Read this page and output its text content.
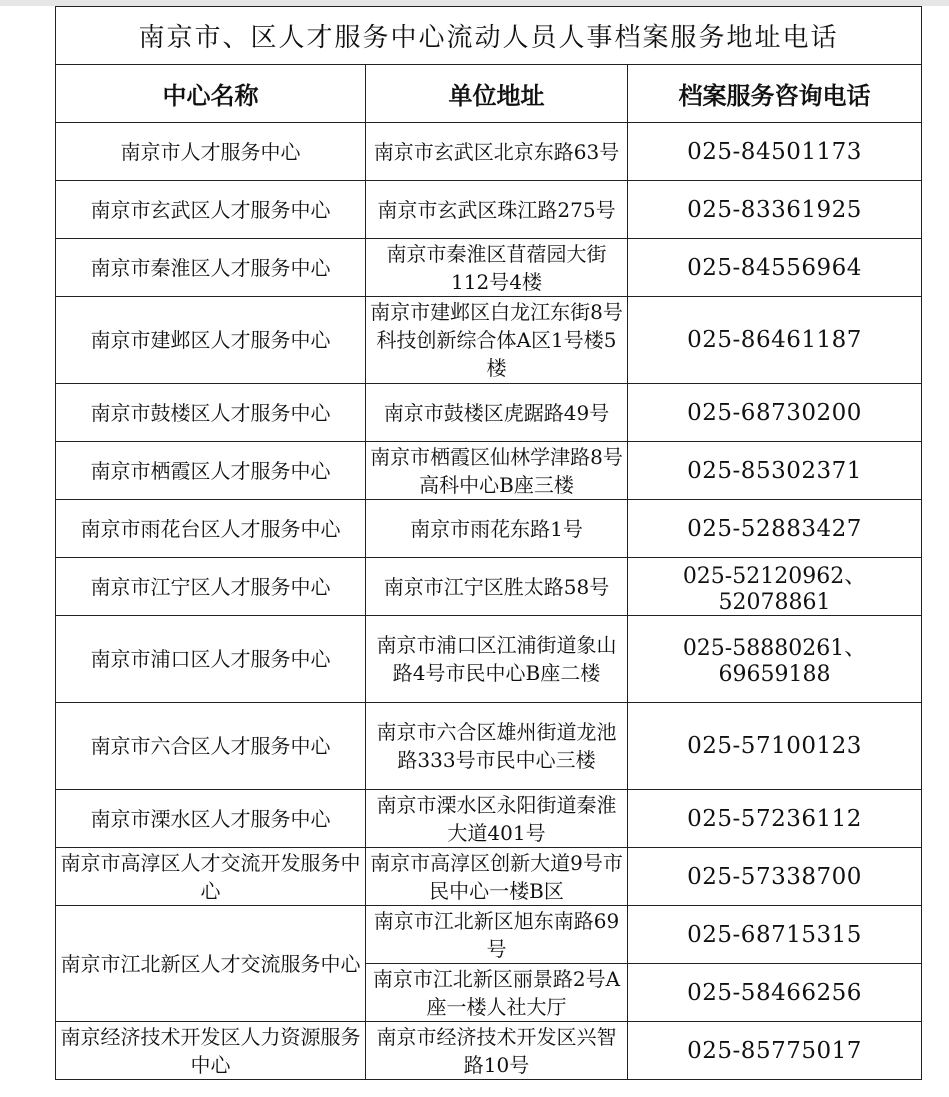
南京市、区人才服务中心流动人员人事档案服务地址电话		
中心名称	单位地址	档案服务咨询电话
南京市人才服务中心	南京市玄武区北京东路63号	025-84501173
南京市玄武区人才服务中心	南京市玄武区珠江路275号	025-83361925
南京市秦淮区人才服务中心	南京市秦淮区苜蓿园大街112号4楼	025-84556964
南京市建邺区人才服务中心	南京市建邺区白龙江东街8号科技创新综合体A区1号楼5楼	025-86461187
南京市鼓楼区人才服务中心	南京市鼓楼区虎踞路49号	025-68730200
南京市栖霞区人才服务中心	南京市栖霞区仙林学津路8号高科中心B座三楼	025-85302371
南京市雨花台区人才服务中心	南京市雨花东路1号	025-52883427
南京市江宁区人才服务中心	南京市江宁区胜太路58号	025-52120962、52078861
南京市浦口区人才服务中心	南京市浦口区江浦街道象山路4号市民中心B座二楼	025-58880261、69659188
南京市六合区人才服务中心	南京市六合区雄州街道龙池路333号市民中心三楼	025-57100123
南京市溧水区人才服务中心	南京市溧水区永阳街道秦淮大道401号	025-57236112
南京市高淳区人才交流开发服务中心	南京市高淳区创新大道9号市民中心一楼B区	025-57338700
南京市江北新区人才交流服务中心	南京市江北新区旭东南路69号	025-68715315
	南京市江北新区丽景路2号A座一楼人社大厅	025-58466256
南京经济技术开发区人力资源服务中心	南京市经济技术开发区兴智路10号	025-85775017
